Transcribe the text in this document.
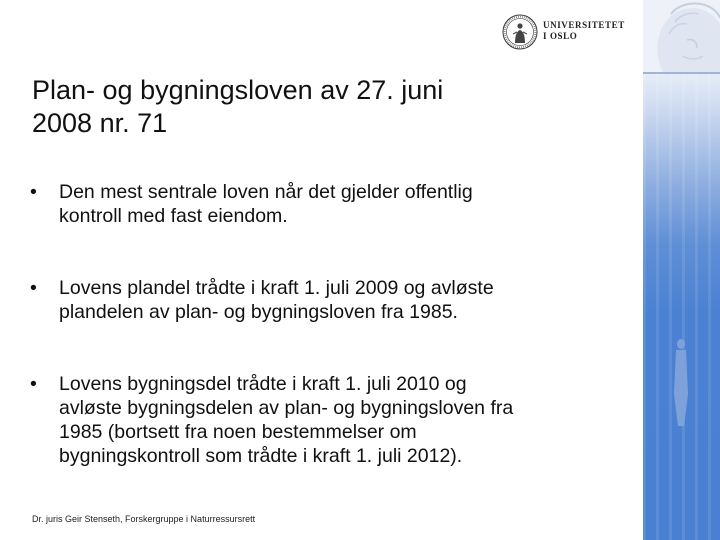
UNIVERSITETET
I OSLO
Plan- og bygningsloven av 27. juni
2008 nr. 71
• Den mest sentrale loven når det gjelder offentlig
kontroll med fast eiendom.
• Lovens plandel trådte i kraft 1. juli 2009 og avløste
plandelen av plan- og bygningsloven fra 1985.
• Lovens bygningsdel trådte i kraft 1. juli 2010 og
avløste bygningsdelen av plan- og bygningsloven fra
1985 (bortsett fra noen bestemmelser om
bygningskontroll som trådte i kraft 1. juli 2012).
Dr. juris Geir Stenseth, Forskergruppe i Naturressursrett
